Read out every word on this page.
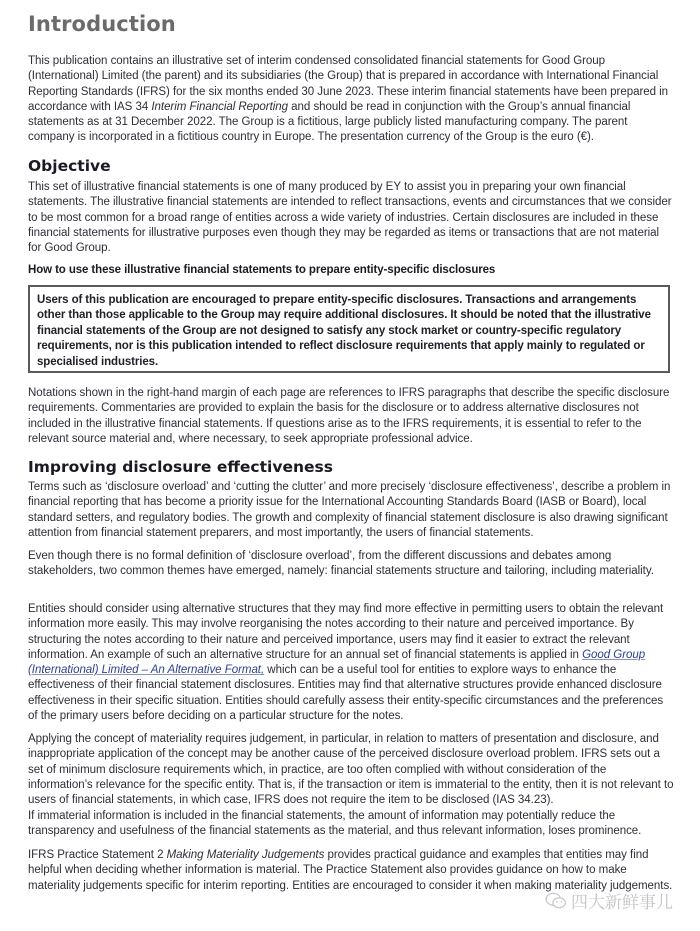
Introduction

This publication contains an illustrative set of interim condensed consolidated financial statements for Good Group (International) Limited (the parent) and its subsidiaries (the Group) that is prepared in accordance with International Financial Reporting Standards (IFRS) for the six months ended 30 June 2023. These interim financial statements have been prepared in accordance with IAS 34 Interim Financial Reporting and should be read in conjunction with the Group’s annual financial statements as at 31 December 2022. The Group is a fictitious, large publicly listed manufacturing company. The parent company is incorporated in a fictitious country in Europe. The presentation currency of the Group is the euro (€).

Objective

This set of illustrative financial statements is one of many produced by EY to assist you in preparing your own financial statements. The illustrative financial statements are intended to reflect transactions, events and circumstances that we consider to be most common for a broad range of entities across a wide variety of industries. Certain disclosures are included in these financial statements for illustrative purposes even though they may be regarded as items or transactions that are not material for Good Group.

How to use these illustrative financial statements to prepare entity-specific disclosures

Users of this publication are encouraged to prepare entity-specific disclosures. Transactions and arrangements other than those applicable to the Group may require additional disclosures. It should be noted that the illustrative financial statements of the Group are not designed to satisfy any stock market or country-specific regulatory requirements, nor is this publication intended to reflect disclosure requirements that apply mainly to regulated or specialised industries.

Notations shown in the right-hand margin of each page are references to IFRS paragraphs that describe the specific disclosure requirements. Commentaries are provided to explain the basis for the disclosure or to address alternative disclosures not included in the illustrative financial statements. If questions arise as to the IFRS requirements, it is essential to refer to the relevant source material and, where necessary, to seek appropriate professional advice.

Improving disclosure effectiveness

Terms such as ‘disclosure overload’ and ‘cutting the clutter’ and more precisely ‘disclosure effectiveness’, describe a problem in financial reporting that has become a priority issue for the International Accounting Standards Board (IASB or Board), local standard setters, and regulatory bodies. The growth and complexity of financial statement disclosure is also drawing significant attention from financial statement preparers, and most importantly, the users of financial statements.

Even though there is no formal definition of ‘disclosure overload’, from the different discussions and debates among stakeholders, two common themes have emerged, namely: financial statements structure and tailoring, including materiality.

Entities should consider using alternative structures that they may find more effective in permitting users to obtain the relevant information more easily. This may involve reorganising the notes according to their nature and perceived importance. By structuring the notes according to their nature and perceived importance, users may find it easier to extract the relevant information. An example of such an alternative structure for an annual set of financial statements is applied in Good Group (International) Limited – An Alternative Format, which can be a useful tool for entities to explore ways to enhance the effectiveness of their financial statement disclosures. Entities may find that alternative structures provide enhanced disclosure effectiveness in their specific situation. Entities should carefully assess their entity-specific circumstances and the preferences of the primary users before deciding on a particular structure for the notes.

Applying the concept of materiality requires judgement, in particular, in relation to matters of presentation and disclosure, and inappropriate application of the concept may be another cause of the perceived disclosure overload problem. IFRS sets out a set of minimum disclosure requirements which, in practice, are too often complied with without consideration of the information’s relevance for the specific entity. That is, if the transaction or item is immaterial to the entity, then it is not relevant to users of financial statements, in which case, IFRS does not require the item to be disclosed (IAS 34.23).

If immaterial information is included in the financial statements, the amount of information may potentially reduce the transparency and usefulness of the financial statements as the material, and thus relevant information, loses prominence.

IFRS Practice Statement 2 Making Materiality Judgements provides practical guidance and examples that entities may find helpful when deciding whether information is material. The Practice Statement also provides guidance on how to make materiality judgements specific for interim reporting. Entities are encouraged to consider it when making materiality judgements.

四大新鲜事儿
